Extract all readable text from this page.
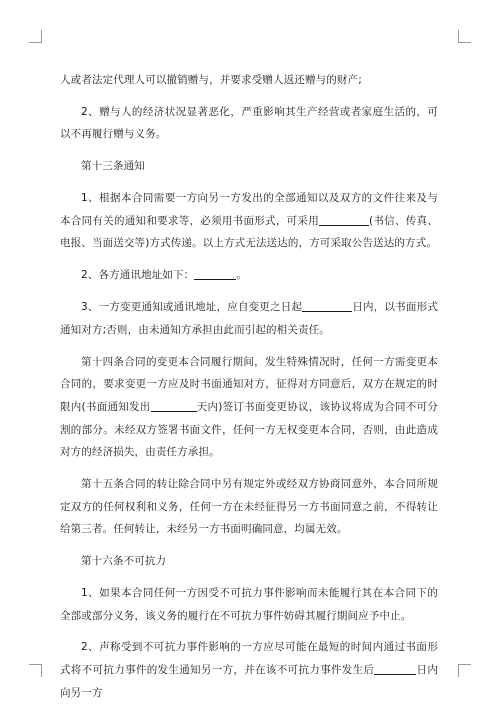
人或者法定代理人可以撤销赠与，并要求受赠人返还赠与的财产;

2、赠与人的经济状况显著恶化，严重影响其生产经营或者家庭生活的，可以不再履行赠与义务。

第十三条通知

1、根据本合同需要一方向另一方发出的全部通知以及双方的文件往来及与本合同有关的通知和要求等，必须用书面形式，可采用	(书信、传真、电报、当面送交等)方式传递。以上方式无法送达的，方可采取公告送达的方式。

2、各方通讯地址如下：	。

3、一方变更通知或通讯地址，应自变更之日起	日内，以书面形式通知对方;否则，由未通知方承担由此而引起的相关责任。

第十四条合同的变更本合同履行期间，发生特殊情况时，任何一方需变更本合同的，要求变更一方应及时书面通知对方，征得对方同意后，双方在规定的时限内(书面通知发出	天内)签订书面变更协议，该协议将成为合同不可分割的部分。未经双方签署书面文件，任何一方无权变更本合同，否则，由此造成对方的经济损失，由责任方承担。

第十五条合同的转让除合同中另有规定外或经双方协商同意外，本合同所规定双方的任何权利和义务，任何一方在未经征得另一方书面同意之前，不得转让给第三者。任何转让，未经另一方书面明确同意，均属无效。

第十六条不可抗力

1、如果本合同任何一方因受不可抗力事件影响而未能履行其在本合同下的全部或部分义务，该义务的履行在不可抗力事件妨碍其履行期间应予中止。

2、声称受到不可抗力事件影响的一方应尽可能在最短的时间内通过书面形式将不可抗力事件的发生通知另一方，并在该不可抗力事件发生后	日内向另一方
